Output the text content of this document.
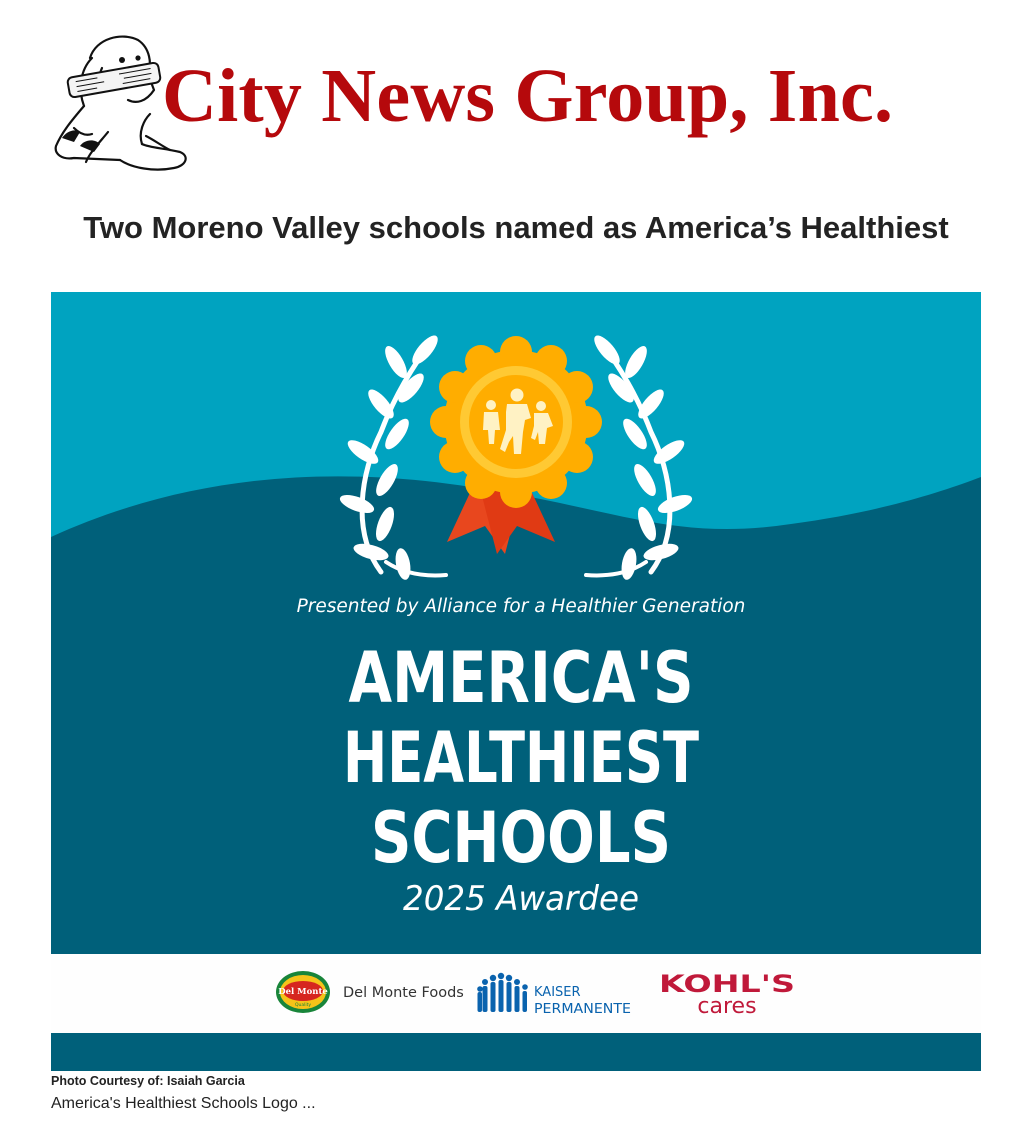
City News Group, Inc.
Two Moreno Valley schools named as America’s Healthiest
Presented by Alliance for a Healthier Generation
AMERICA'S
HEALTHIEST
SCHOOLS
2025 Awardee
Del Monte
Quality
Del Monte Foods	KAISER
PERMANENTE
KOHL'S
cares

Photo Courtesy of: Isaiah Garcia

America's Healthiest Schools Logo ...
